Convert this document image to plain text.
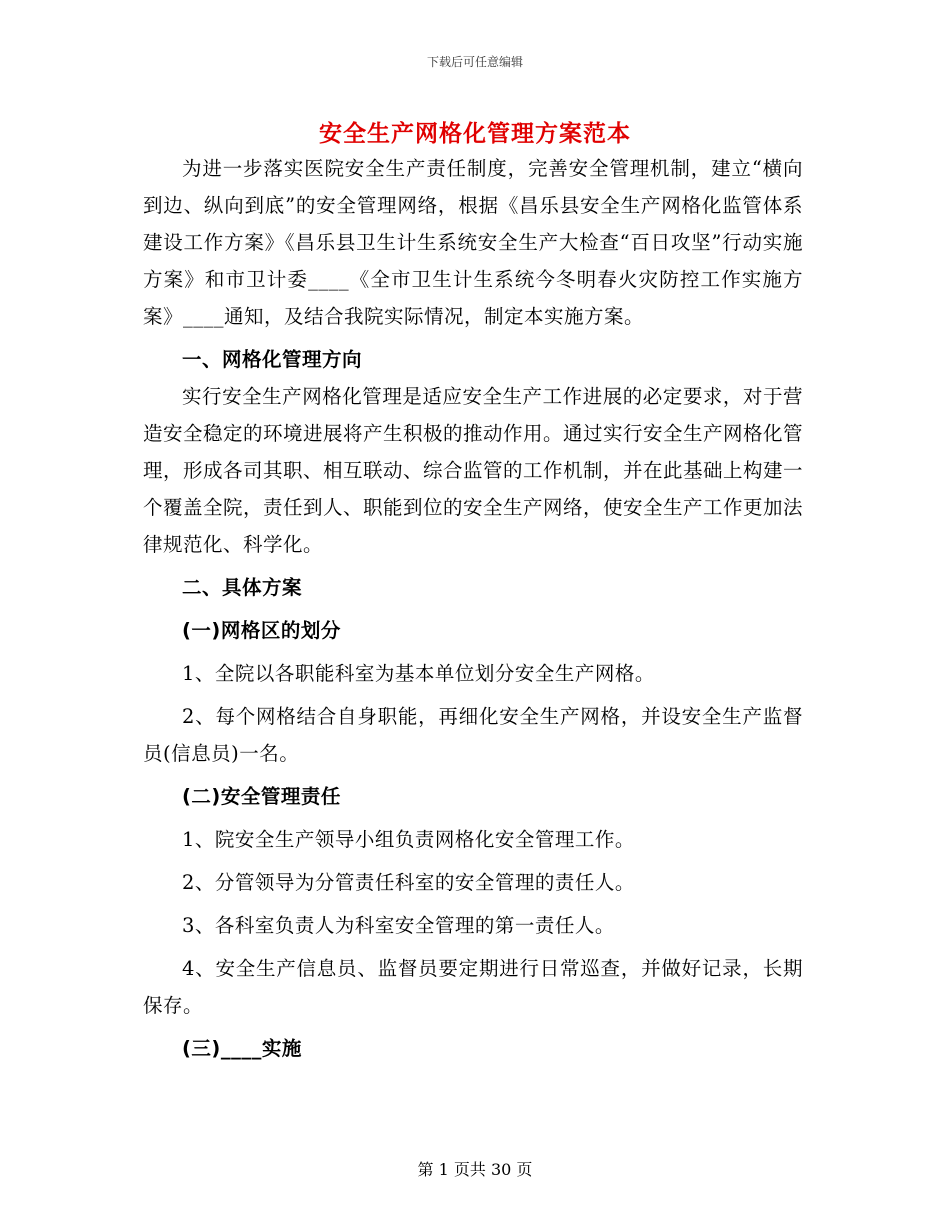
下载后可任意编辑
安全生产网格化管理方案范本

为进一步落实医院安全生产责任制度，完善安全管理机制，建立“横向到边、纵向到底”的安全管理网络，根据《昌乐县安全生产网格化监管体系建设工作方案》《昌乐县卫生计生系统安全生产大检查“百日攻坚”行动实施方案》和市卫计委____《全市卫生计生系统今冬明春火灾防控工作实施方案》____通知，及结合我院实际情况，制定本实施方案。

一、网格化管理方向

实行安全生产网格化管理是适应安全生产工作进展的必定要求，对于营造安全稳定的环境进展将产生积极的推动作用。通过实行安全生产网格化管理，形成各司其职、相互联动、综合监管的工作机制，并在此基础上构建一个覆盖全院，责任到人、职能到位的安全生产网络，使安全生产工作更加法律规范化、科学化。

二、具体方案

(一)网格区的划分

1、全院以各职能科室为基本单位划分安全生产网格。

2、每个网格结合自身职能，再细化安全生产网格，并设安全生产监督员(信息员)一名。

(二)安全管理责任

1、院安全生产领导小组负责网格化安全管理工作。

2、分管领导为分管责任科室的安全管理的责任人。

3、各科室负责人为科室安全管理的第一责任人。

4、安全生产信息员、监督员要定期进行日常巡查，并做好记录，长期保存。

(三)____实施

第 1 页共 30 页
